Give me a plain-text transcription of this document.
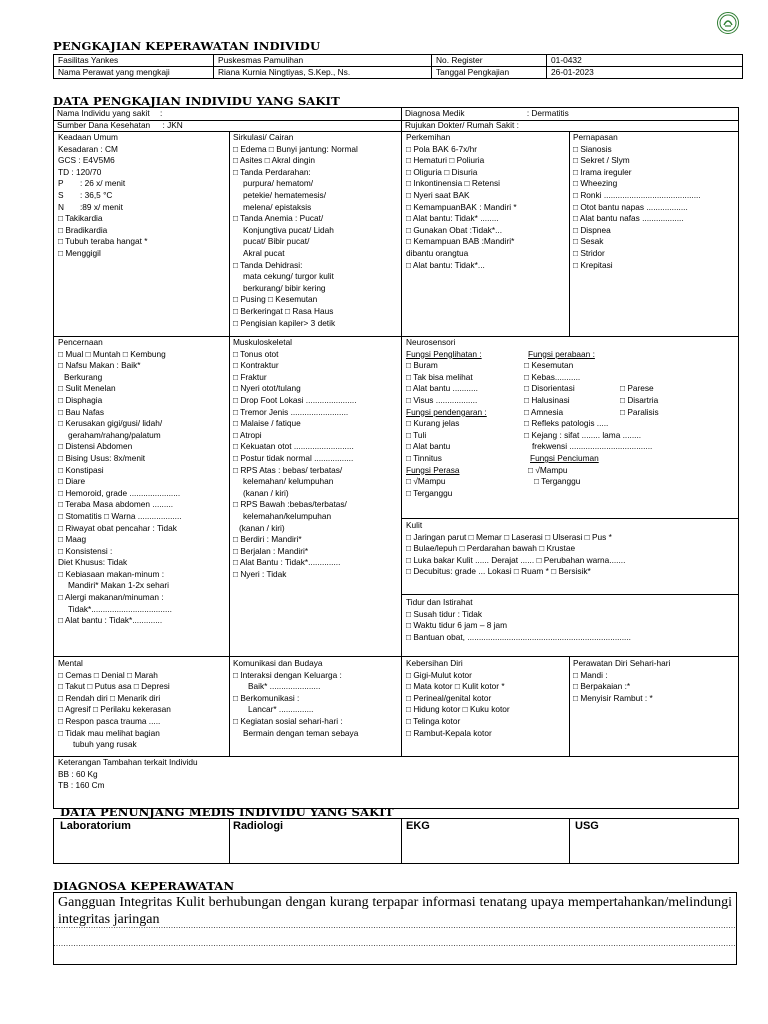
PENGKAJIAN KEPERAWATAN INDIVIDU
Fasilitas Yankes	Puskesmas Pamulihan	No. Register	01-0432
Nama Perawat yang mengkaji	Riana Kurnia Ningtiyas, S.Kep., Ns.	Tanggal Pengkajian	26-01-2023
DATA PENGKAJIAN INDIVIDU YANG SAKIT
Nama Individu yang sakit :	Diagnosa Medik	: Dermatitis
Sumber Dana Kesehatan : JKN	Rujukan Dokter/ Rumah Sakit :
Keadaan Umum
Kesadaran : CM
GCS : E4V5M6
TD : 120/70
P : 26 x/ menit
S : 36,5 °C
N :89 x/ menit
□ Takikardia
□ Bradikardia
□ Tubuh teraba hangat *
□ Menggigil
Sirkulasi/ Cairan
□ Edema □ Bunyi jantung: Normal
□ Asites □ Akral dingin
□ Tanda Perdarahan:
purpura/ hematom/
petekie/ hematemesis/
melena/ epistaksis
□ Tanda Anemia : Pucat/
Konjungtiva pucat/ Lidah
pucat/ Bibir pucat/
Akral pucat
□ Tanda Dehidrasi:
mata cekung/ turgor kulit
berkurang/ bibir kering
□ Pusing □ Kesemutan
□ Berkeringat □ Rasa Haus
□ Pengisian kapiler> 3 detik
Perkemihan
□ Pola BAK 6-7x/hr
□ Hematuri □ Poliuria
□ Oliguria □ Disuria
□ Inkontinensia □ Retensi
□ Nyeri saat BAK
□ KemampuanBAK : Mandiri *
□ Alat bantu: Tidak* ........
□ Gunakan Obat :Tidak*...
□ Kemampuan BAB :Mandiri*
dibantu orangtua
□ Alat bantu: Tidak*...
Pernapasan
□ Sianosis
□ Sekret / Slym
□ Irama ireguler
□ Wheezing
□ Ronki ..........................................
□ Otot bantu napas ..................
□ Alat bantu nafas ..................
□ Dispnea
□ Sesak
□ Stridor
□ Krepitasi
Pencernaan
□ Mual □ Muntah □ Kembung
□ Nafsu Makan : Baik*
Berkurang
□ Sulit Menelan
□ Disphagia
□ Bau Nafas
□ Kerusakan gigi/gusi/ lidah/
geraham/rahang/palatum
□ Distensi Abdomen
□ Bising Usus: 8x/menit
□ Konstipasi
□ Diare
□ Hemoroid, grade ......................
□ Teraba Masa abdomen .........
□ Stomatitis □ Warna ...................
□ Riwayat obat pencahar : Tidak
□ Maag
□ Konsistensi :
Diet Khusus: Tidak
□ Kebiasaan makan-minum :
Mandiri* Makan 1-2x sehari
□ Alergi makanan/minuman :
Tidak*...................................
□ Alat bantu : Tidak*.............
Muskuloskeletal
□ Tonus otot
□ Kontraktur
□ Fraktur
□ Nyeri otot/tulang
□ Drop Foot Lokasi ......................
□ Tremor Jenis .........................
□ Malaise / fatique
□ Atropi
□ Kekuatan otot ..........................
□ Postur tidak normal .................
□ RPS Atas : bebas/ terbatas/
kelemahan/ kelumpuhan
(kanan / kiri)
□ RPS Bawah :bebas/terbatas/
kelemahan/kelumpuhan
(kanan / kiri)
□ Berdiri : Mandiri*
□ Berjalan : Mandiri*
□ Alat Bantu : Tidak*..............
□ Nyeri : Tidak
Neurosensori
Fungsi Penglihatan :	Fungsi perabaan :
□ Buram	□ Kesemutan
□ Tak bisa melihat	□ Kebas...........
□ Alat bantu ...........	□ Disorientasi	□ Parese
□ Visus ..................	□ Halusinasi	□ Disartria
Fungsi pendengaran :	□ Amnesia	□ Paralisis
□ Kurang jelas	□ Refleks patologis .....
□ Tuli	□ Kejang : sifat ........ lama ........
□ Alat bantu	frekwensi ....................................
□ Tinnitus	Fungsi Penciuman
Fungsi Perasa	□ √Mampu
□ √Mampu	□ Terganggu
□ Terganggu
Kulit
□ Jaringan parut □ Memar □ Laserasi □ Ulserasi □ Pus *
□ Bulae/lepuh □ Perdarahan bawah □ Krustae
□ Luka bakar Kulit ...... Derajat ...... □ Perubahan warna.......
□ Decubitus: grade ... Lokasi □ Ruam * □ Bersisik*
Tidur dan Istirahat
□ Susah tidur : Tidak
□ Waktu tidur 6 jam – 8 jam
□ Bantuan obat, .......................................................................
Mental
□ Cemas □ Denial □ Marah
□ Takut □ Putus asa □ Depresi
□ Rendah diri □ Menarik diri
□ Agresif □ Perilaku kekerasan
□ Respon pasca trauma .....
□ Tidak mau melihat bagian
tubuh yang rusak
Komunikasi dan Budaya
□ Interaksi dengan Keluarga :
Baik* ......................
□ Berkomunikasi :
Lancar* ...............
□ Kegiatan sosial sehari-hari :
Bermain dengan teman sebaya
Kebersihan Diri
□ Gigi-Mulut kotor
□ Mata kotor □ Kulit kotor *
□ Perineal/genital kotor
□ Hidung kotor □ Kuku kotor
□ Telinga kotor
□ Rambut-Kepala kotor
Perawatan Diri Sehari-hari
□ Mandi :
□ Berpakaian :*
□ Menyisir Rambut : *
Keterangan Tambahan terkait Individu
BB : 60 Kg
TB : 160 Cm
DATA PENUNJANG MEDIS INDIVIDU YANG SAKIT
Laboratorium	Radiologi	EKG	USG
DIAGNOSA KEPERAWATAN
Gangguan Integritas Kulit berhubungan dengan kurang terpapar informasi tenatang upaya mempertahankan/melindungi integritas jaringan
